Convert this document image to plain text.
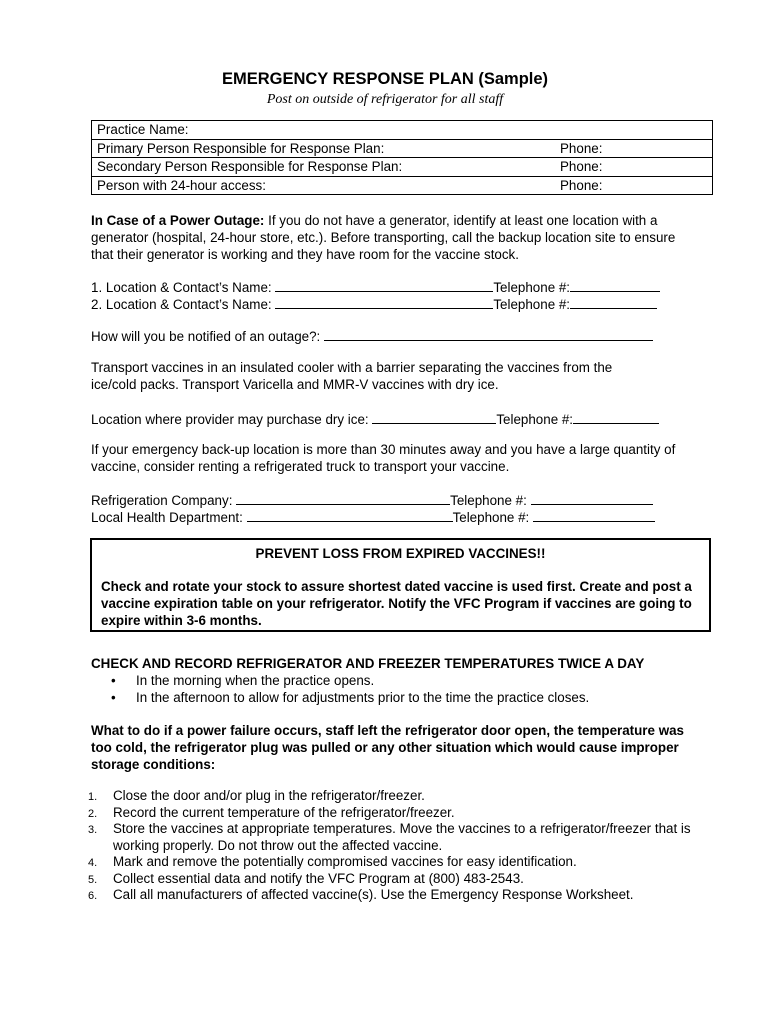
EMERGENCY RESPONSE PLAN (Sample)
Post on outside of refrigerator for all staff
Practice Name:	
Primary Person Responsible for Response Plan:	Phone:
Secondary Person Responsible for Response Plan:	Phone:
Person with 24-hour access:	Phone:
In Case of a Power Outage: If you do not have a generator, identify at least one location with a generator (hospital, 24-hour store, etc.). Before transporting, call the backup location site to ensure that their generator is working and they have room for the vaccine stock.
1. Location & Contact’s Name:	Telephone #:
2. Location & Contact’s Name:	Telephone #:
How will you be notified of an outage?:
Transport vaccines in an insulated cooler with a barrier separating the vaccines from the ice/cold packs. Transport Varicella and MMR-V vaccines with dry ice.
Location where provider may purchase dry ice:	Telephone #:
If your emergency back-up location is more than 30 minutes away and you have a large quantity of vaccine, consider renting a refrigerated truck to transport your vaccine.
Refrigeration Company:	Telephone #:
Local Health Department:	Telephone #:
PREVENT LOSS FROM EXPIRED VACCINES!!
Check and rotate your stock to assure shortest dated vaccine is used first. Create and post a vaccine expiration table on your refrigerator. Notify the VFC Program if vaccines are going to expire within 3-6 months.
CHECK AND RECORD REFRIGERATOR AND FREEZER TEMPERATURES TWICE A DAY
• In the morning when the practice opens.
• In the afternoon to allow for adjustments prior to the time the practice closes.
What to do if a power failure occurs, staff left the refrigerator door open, the temperature was too cold, the refrigerator plug was pulled or any other situation which would cause improper storage conditions:
1. Close the door and/or plug in the refrigerator/freezer.
2. Record the current temperature of the refrigerator/freezer.
3. Store the vaccines at appropriate temperatures. Move the vaccines to a refrigerator/freezer that is working properly. Do not throw out the affected vaccine.
4. Mark and remove the potentially compromised vaccines for easy identification.
5. Collect essential data and notify the VFC Program at (800) 483-2543.
6. Call all manufacturers of affected vaccine(s). Use the Emergency Response Worksheet.
